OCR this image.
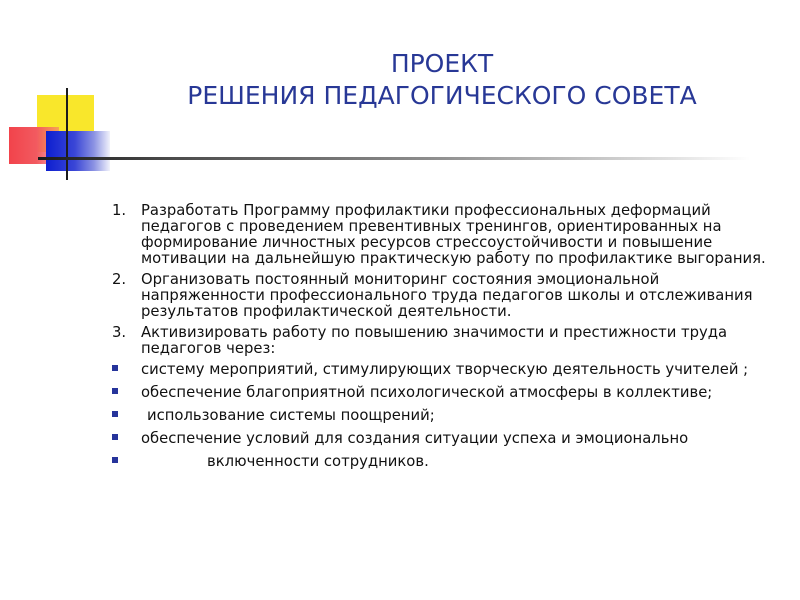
ПРОЕКТ
РЕШЕНИЯ ПЕДАГОГИЧЕСКОГО СОВЕТА
1.	Разработать Программу профилактики профессиональных деформаций педагогов с проведением превентивных тренингов, ориентированных на формирование личностных ресурсов стрессоустойчивости и повышение мотивации на дальнейшую практическую работу по профилактике выгорания.
2.	Организовать постоянный мониторинг состояния эмоциональной напряженности профессионального труда педагогов школы и отслеживания результатов профилактической деятельности.
3.	Активизировать работу по повышению значимости и престижности труда педагогов через:
системy мероприятий, стимулирующих творческую деятельность учителей ;
обеспечение благоприятной психологической атмосферы в коллективе;
использование системы поощрений;
обеспечение условий для создания ситуации успеха и эмоционально
включенности сотрудников.
